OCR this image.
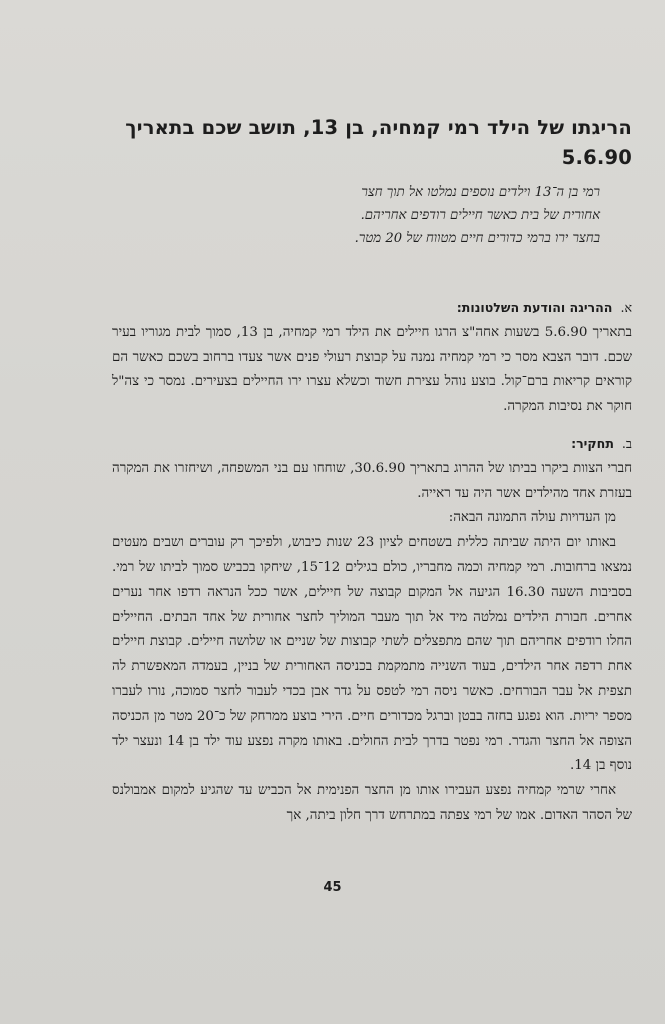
הריגתו של הילד רמי קמחיה, בן 13, תושב שכם בתאריך 5.6.90
רמי בן ה־13 וילדים נוספים נמלטו אל תוך חצר
אחורית של בית כאשר חיילים רודפים אחריהם.
בחצר ירו ברמי כדורים חיים מטווח של 20 מטר.
א.
ההריגה והודעת השלטונות:
בתאריך 5.6.90 בשעות אחה"צ הרגו חיילים את הילד רמי קמחיה, בן 13, סמוך לבית מגוריו בעיר שכם. דובר הצבא מסר כי רמי קמחיה נמנה על קבוצת רעולי פנים אשר צעדו ברחוב בשכם כאשר הם קוראים קריאות ברם־קול. בוצע נוהל עצירת חשוד וכשלא עצרו ירו החיילים בצעירים. נמסר כי צה"ל חוקר את נסיבות המקרה.
ב.
תחקיר:
חברי הצוות ביקרו בביתו של ההרוג בתאריך 30.6.90, שוחחו עם בני המשפחה, ושיחזרו את המקרה בעזרת אחד מהילדים אשר היה עד ראייה.
מן העדויות עולה התמונה הבאה:
באותו יום היתה שביתה כללית בשטחים לציון 23 שנות כיבוש, ולפיכך רק עוברים ושבים מעטים נמצאו ברחובות. רמי קמחיה וכמה מחבריו, כולם בגילים 12־15, שיחקו בכביש סמוך לביתו של רמי. בסביבות השעה 16.30 הגיעה אל המקום קבוצה של חיילים, אשר ככל הנראה רדפו אחר נערים אחרים. חבורת הילדים נמלטה מיד אל תוך מעבר המוליך לחצר אחורית של אחד הבתים. החיילים החלו רודפים אחריהם תוך שהם מתפצלים לשתי קבוצות של שניים או שלושה חיילים. קבוצת חיילים אחת רדפה אחר הילדים, בעוד השנייה מתמקמת בכניסה האחורית של בניין, בעמדה המאפשרת לה תצפית אל עבר הבורחים. כאשר ניסה רמי לטפס על גדר אבן בכדי לעבור לחצר סמוכה, נורו לעברו מספר יריות. הוא נפגע בחזה בבטן וברגל מכדורים חיים. הירי בוצע ממרחק של כ־20 מטר מן הכניסה הצופה אל החצר והגדר. רמי נפטר בדרך לבית החולים. באותו מקרה נפצע עוד ילד בן 14 ונעצר ילד נוסף בן 14.
אחרי שרמי קמחיה נפצע העבירו אותו מן החצר הפנימית אל הכביש עד שהגיע למקום אמבולנס של הסהר האדום. אמו של רמי צפתה במתרחש דרך חלון ביתה, אך
45
